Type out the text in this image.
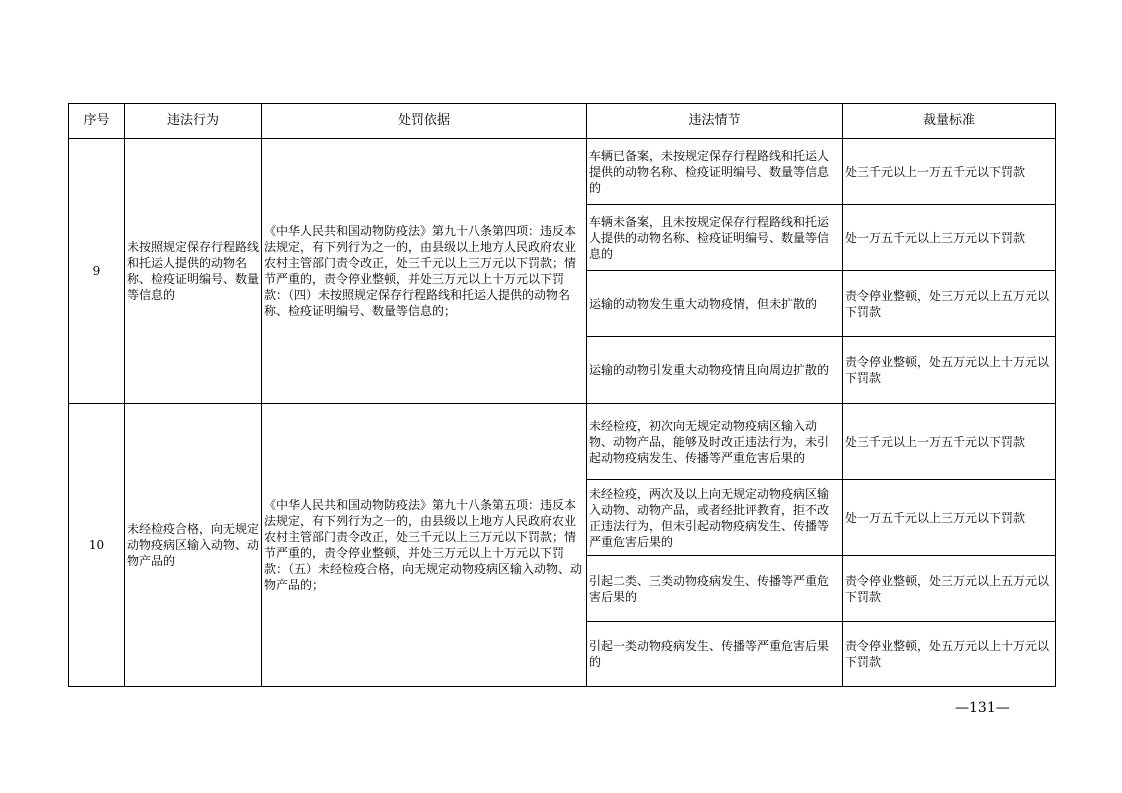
序号	违法行为	处罚依据	违法情节	裁量标准
9	未按照规定保存行程路线和托运人提供的动物名称、检疫证明编号、数量等信息的	《中华人民共和国动物防疫法》第九十八条第四项：违反本法规定，有下列行为之一的，由县级以上地方人民政府农业农村主管部门责令改正，处三千元以上三万元以下罚款；情节严重的，责令停业整顿，并处三万元以上十万元以下罚款：（四）未按照规定保存行程路线和托运人提供的动物名称、检疫证明编号、数量等信息的；	车辆已备案，未按规定保存行程路线和托运人提供的动物名称、检疫证明编号、数量等信息的	处三千元以上一万五千元以下罚款
			车辆未备案，且未按规定保存行程路线和托运人提供的动物名称、检疫证明编号、数量等信息的	处一万五千元以上三万元以下罚款
			运输的动物发生重大动物疫情，但未扩散的	责令停业整顿，处三万元以上五万元以下罚款
			运输的动物引发重大动物疫情且向周边扩散的	责令停业整顿，处五万元以上十万元以下罚款
10	未经检疫合格，向无规定动物疫病区输入动物、动物产品的	《中华人民共和国动物防疫法》第九十八条第五项：违反本法规定，有下列行为之一的，由县级以上地方人民政府农业农村主管部门责令改正，处三千元以上三万元以下罚款；情节严重的，责令停业整顿，并处三万元以上十万元以下罚款：（五）未经检疫合格，向无规定动物疫病区输入动物、动物产品的；	未经检疫，初次向无规定动物疫病区输入动物、动物产品，能够及时改正违法行为，未引起动物疫病发生、传播等严重危害后果的	处三千元以上一万五千元以下罚款
			未经检疫，两次及以上向无规定动物疫病区输入动物、动物产品，或者经批评教育，拒不改正违法行为，但未引起动物疫病发生、传播等严重危害后果的	处一万五千元以上三万元以下罚款
			引起二类、三类动物疫病发生、传播等严重危害后果的	责令停业整顿，处三万元以上五万元以下罚款
			引起一类动物疫病发生、传播等严重危害后果的	责令停业整顿，处五万元以上十万元以下罚款
—131—
